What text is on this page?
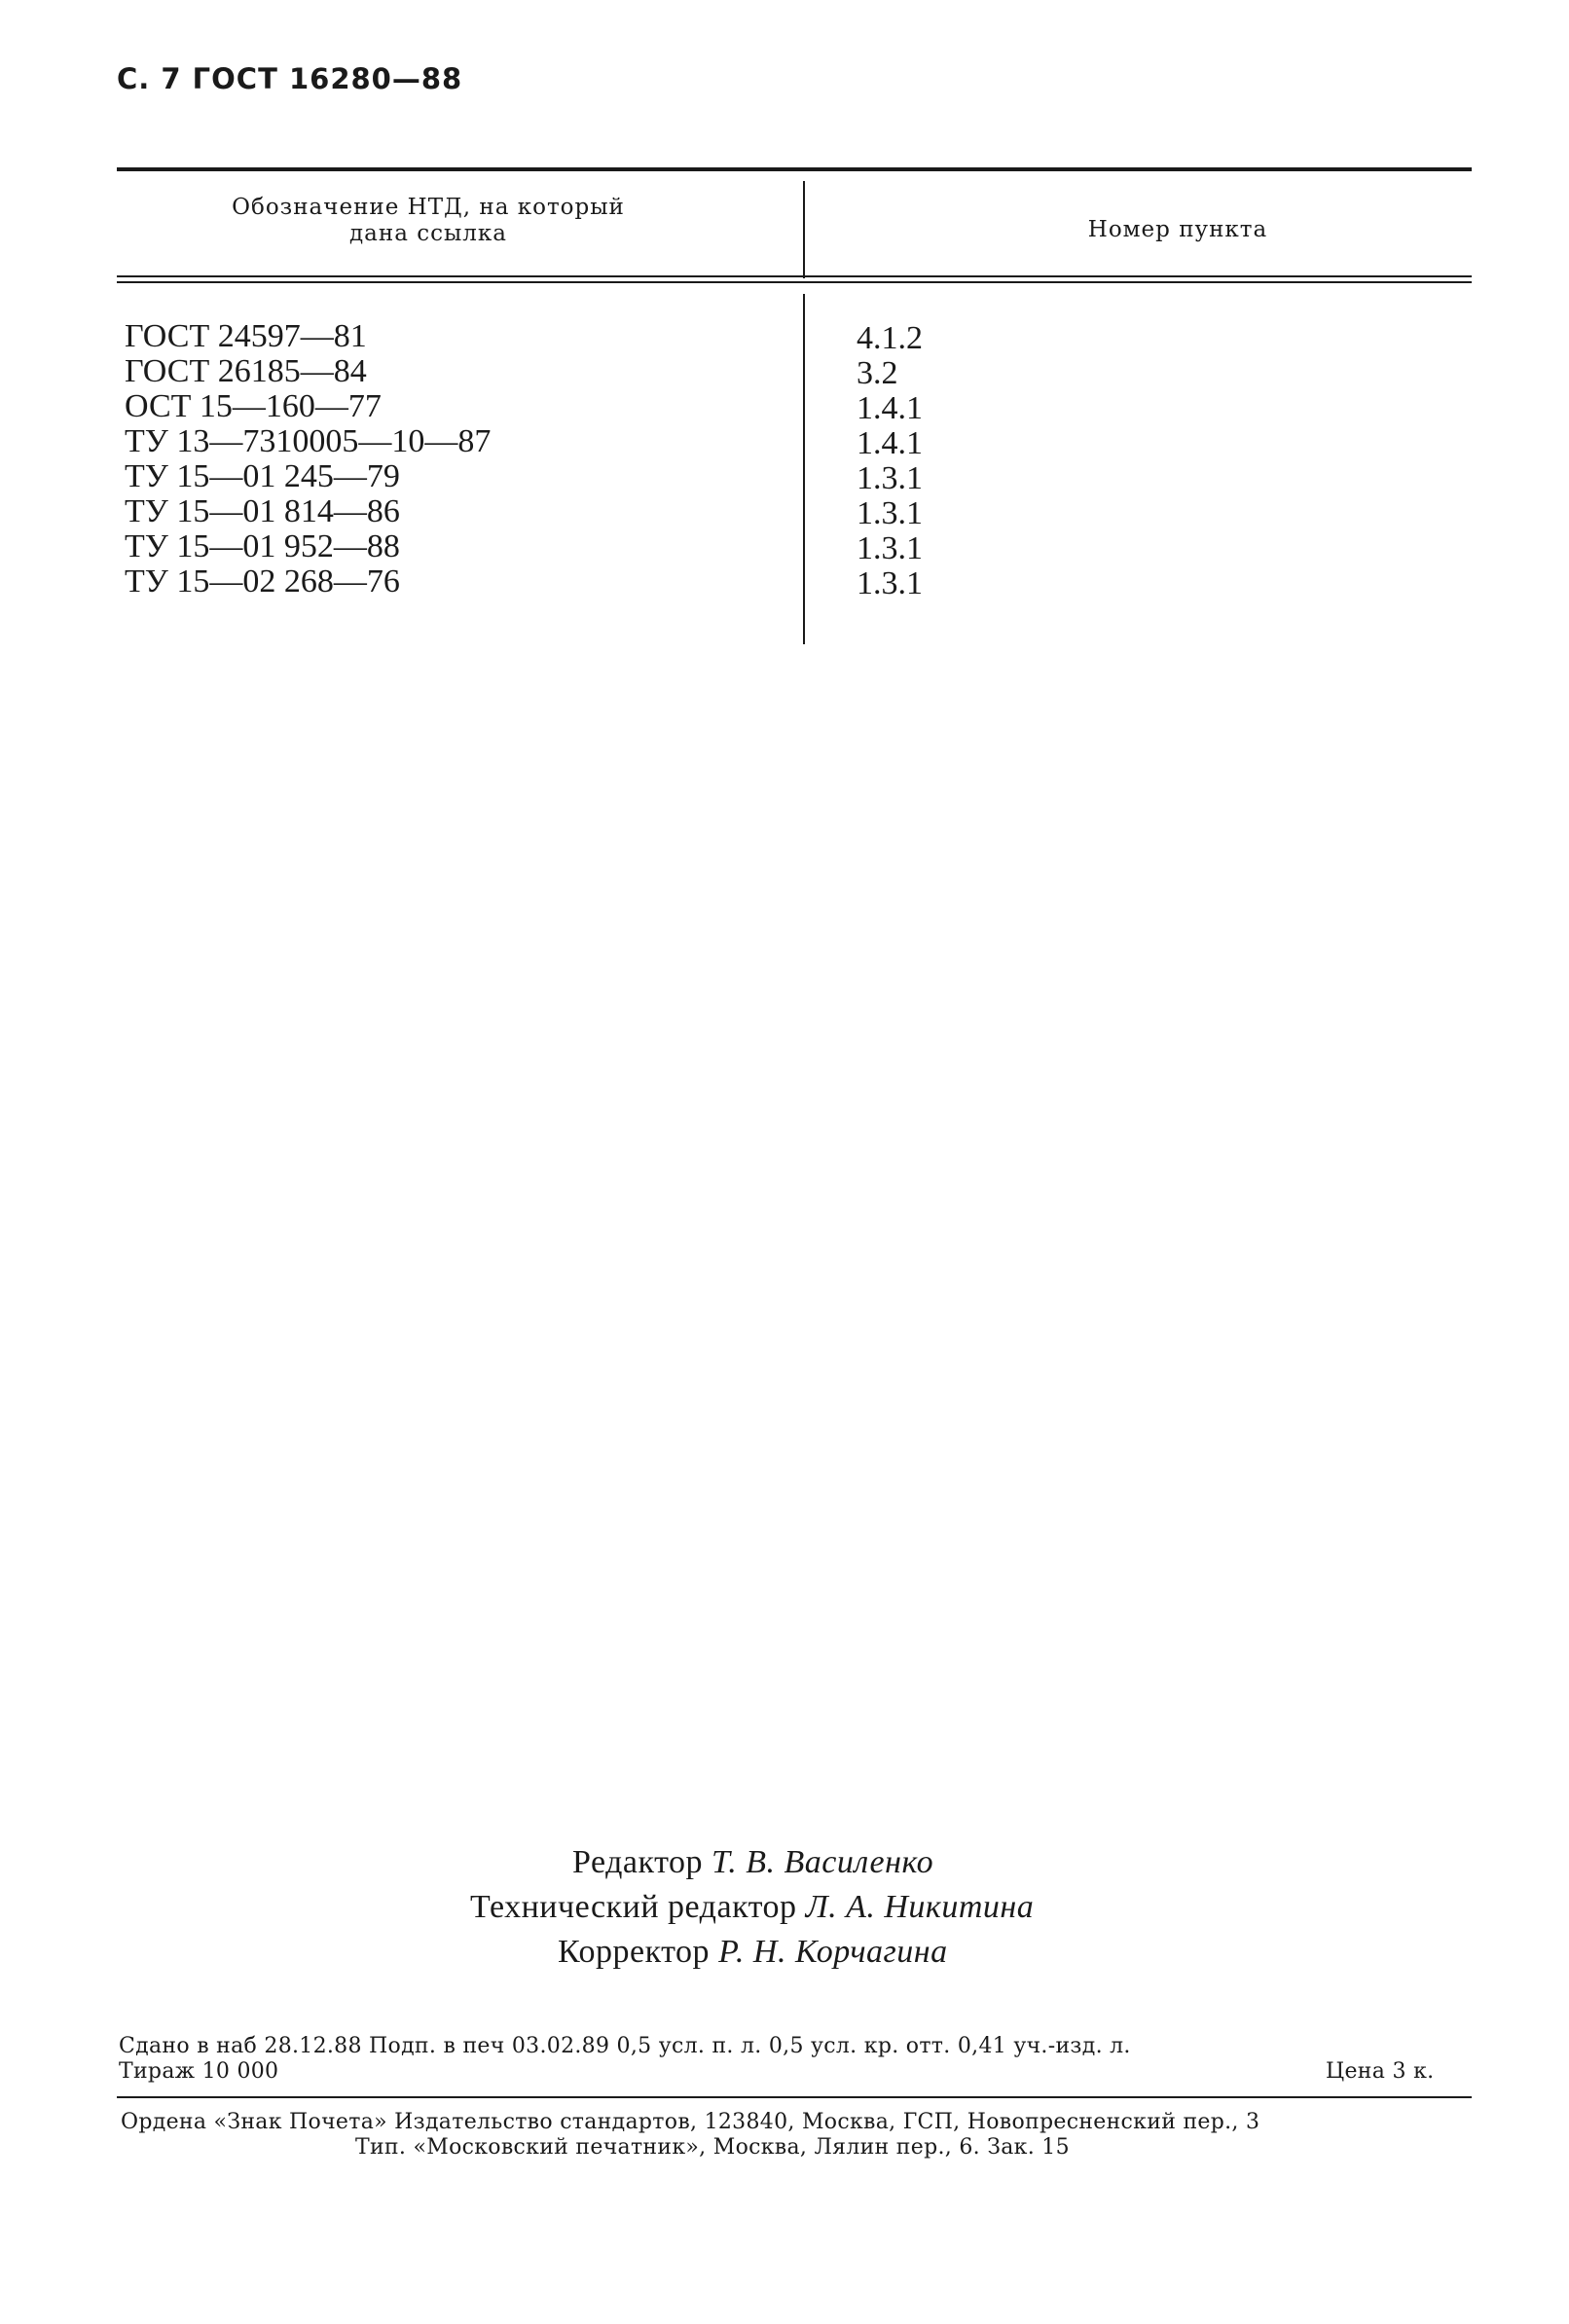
С. 7 ГОСТ 16280—88
Обозначение НТД, на который
дана ссылка	Номер пункта
ГОСТ 24597—81	4.1.2
ГОСТ 26185—84	3.2
ОСТ 15—160—77	1.4.1
ТУ 13—7310005—10—87	1.4.1
ТУ 15—01 245—79	1.3.1
ТУ 15—01 814—86	1.3.1
ТУ 15—01 952—88	1.3.1
ТУ 15—02 268—76	1.3.1
Редактор Т. В. Василенко
Технический редактор Л. А. Никитина
Корректор Р. Н. Корчагина
Сдано в наб 28.12.88 Подп. в печ 03.02.89 0,5 усл. п. л. 0,5 усл. кр. отт. 0,41 уч.-изд. л.
Тираж 10 000	Цена 3 к.
Ордена «Знак Почета» Издательство стандартов, 123840, Москва, ГСП, Новопресненский пер., 3
Тип. «Московский печатник», Москва, Лялин пер., 6. Зак. 15
